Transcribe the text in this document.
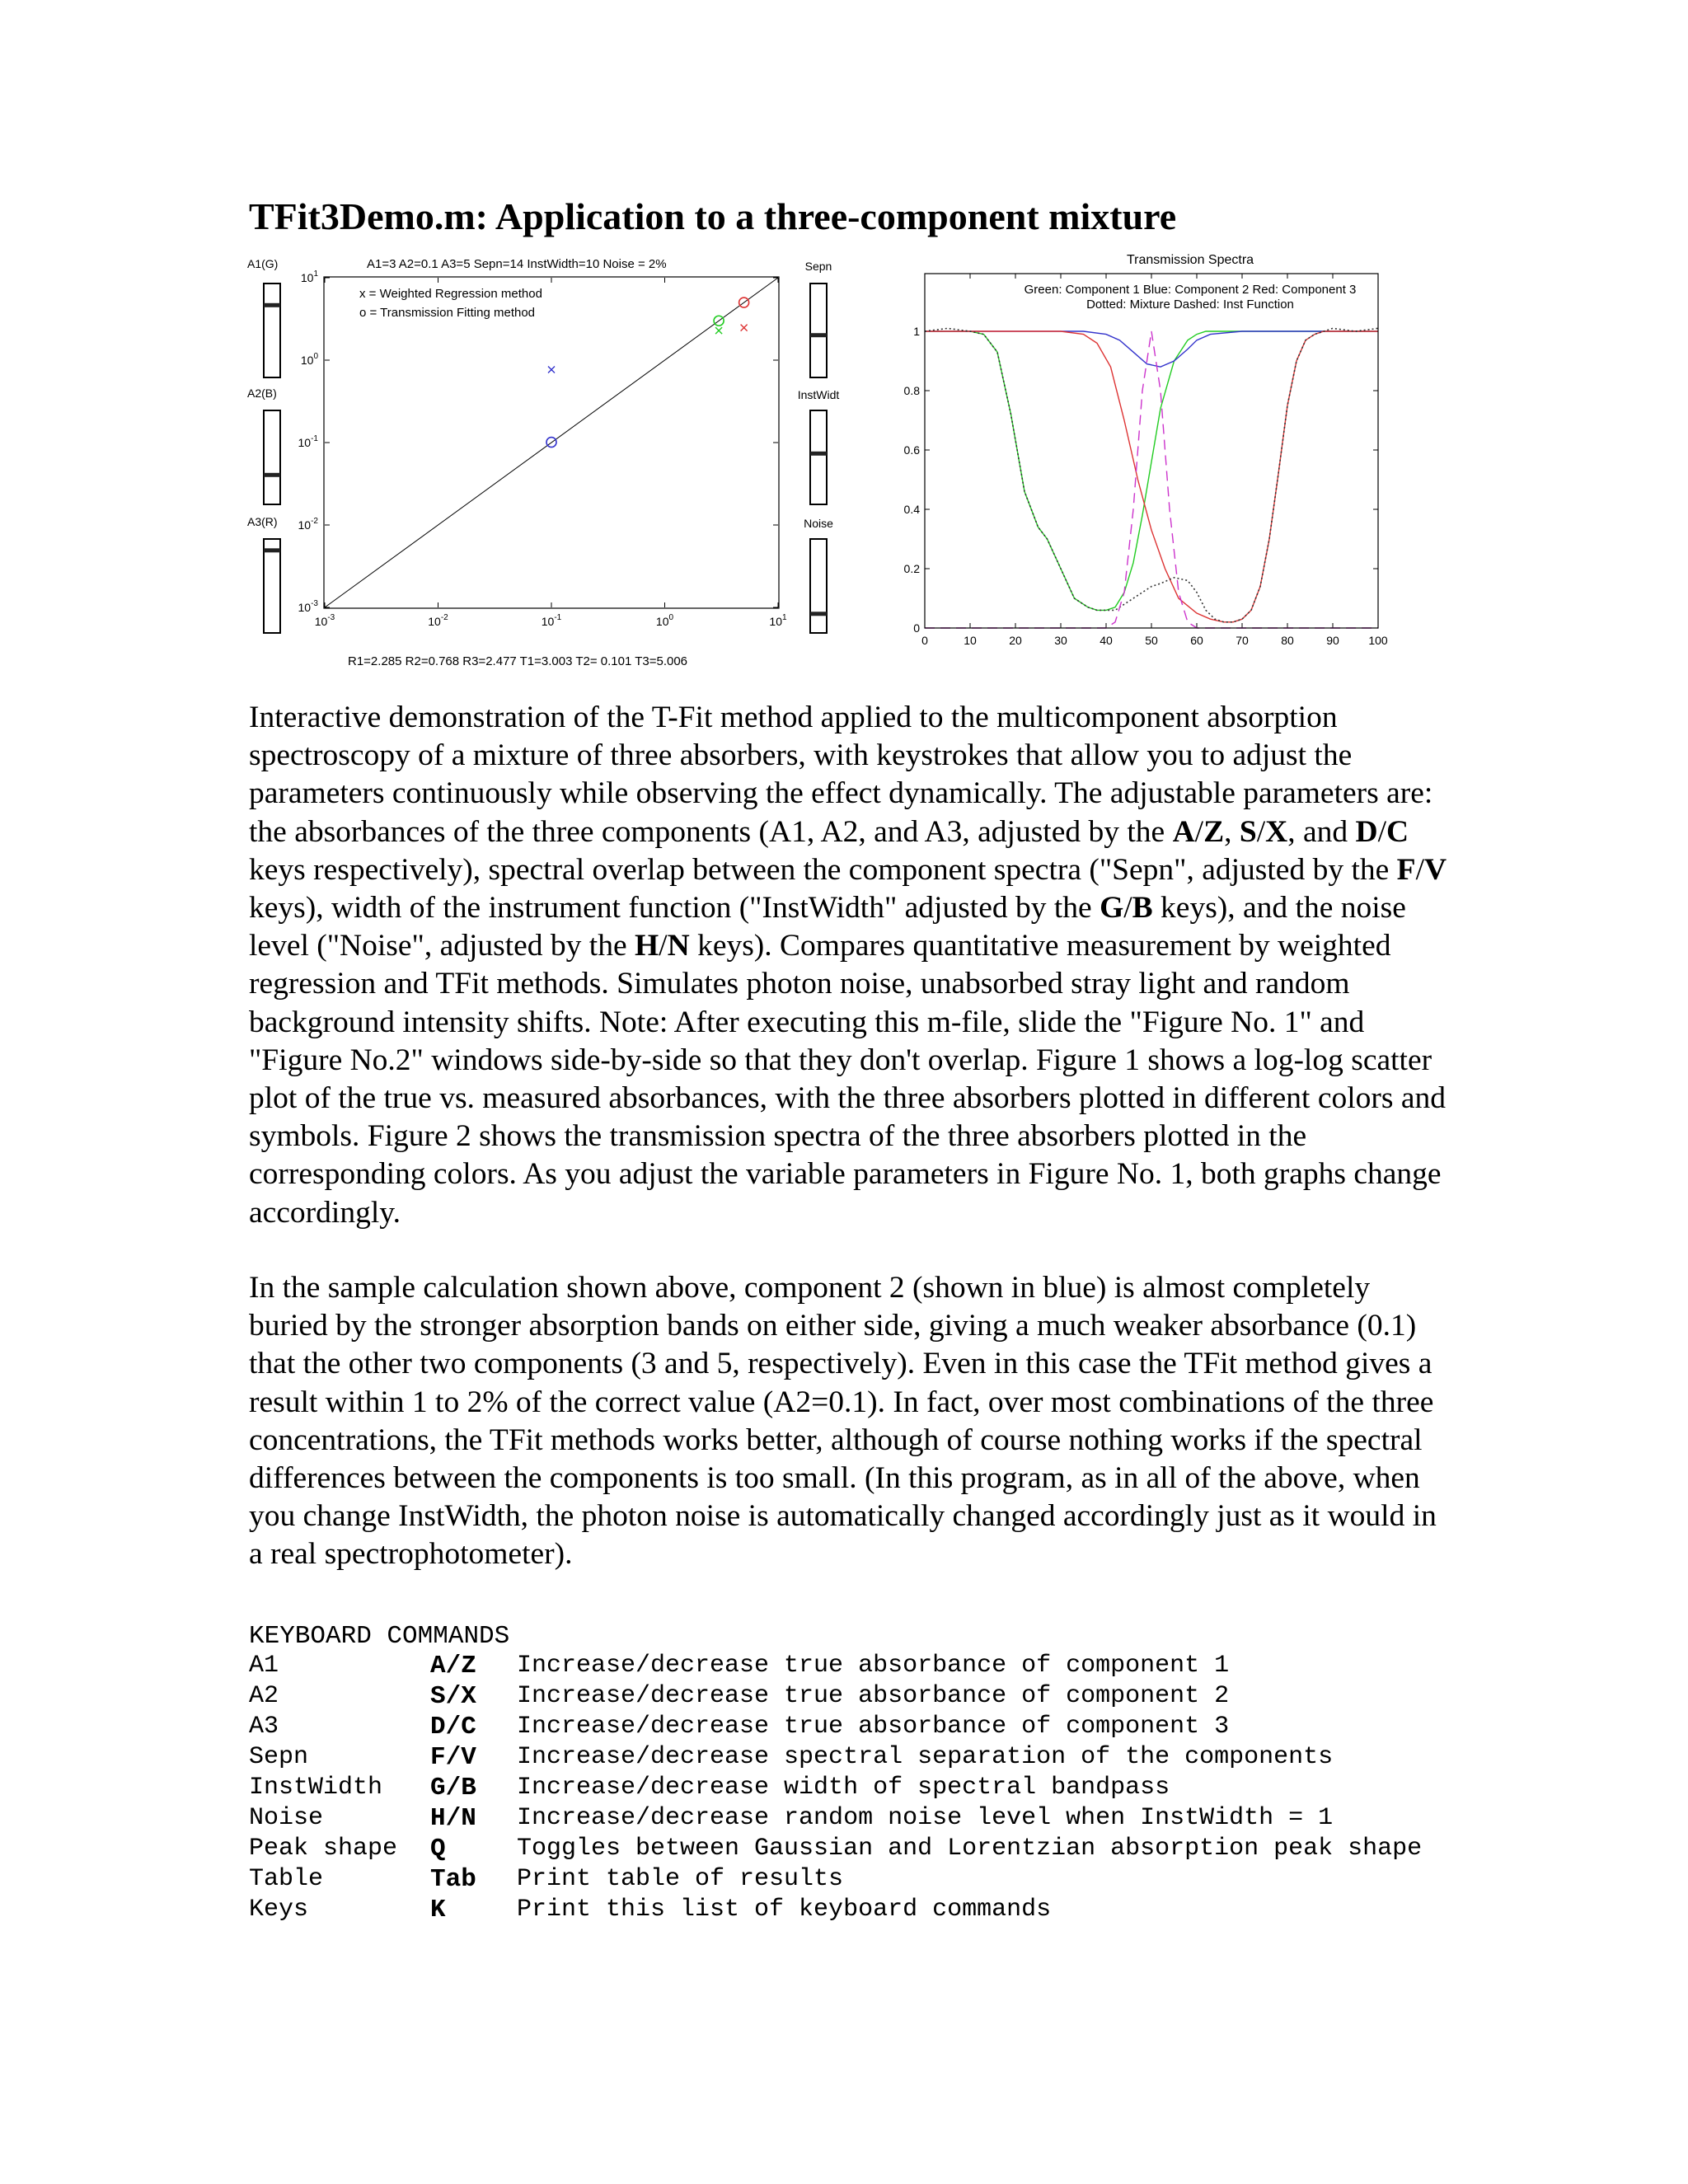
TFit3Demo.m: Application to a three-component mixture
A1(G)
A2(B)
A3(R)
Sepn
InstWidt
Noise
A1=3 A2=0.1 A3=5 Sepn=14 InstWidth=10 Noise = 2%
$10^{-3}$
$10^{-3}$
$10^{-2}$
$10^{-2}$
$10^{-1}$
$10^{-1}$
$10^0$
$10^0$
$10^1$
$10^1$
x = Weighted Regression method
o = Transmission Fitting method
R1=2.285 R2=0.768 R3=2.477 T1=3.003 T2= 0.101 T3=5.006
Transmission Spectra
0	10	20	30	40	50	60	70	80	90	100
0
0.2
0.4
0.6
0.8
1
Green: Component 1 Blue: Component 2 Red: Component 3
Dotted: Mixture Dashed: Inst Function

Interactive demonstration of the T-Fit method applied to the multicomponent absorption spectroscopy of a mixture of three absorbers, with keystrokes that allow you to adjust the parameters continuously while observing the effect dynamically. The adjustable parameters are: the absorbances of the three components (A1, A2, and A3, adjusted by the A/Z, S/X, and D/C keys respectively), spectral overlap between the component spectra ("Sepn", adjusted by the F/V keys), width of the instrument function ("InstWidth" adjusted by the G/B keys), and the noise level ("Noise", adjusted by the H/N keys). Compares quantitative measurement by weighted regression and TFit methods. Simulates photon noise, unabsorbed stray light and random background intensity shifts. Note: After executing this m-file, slide the "Figure No. 1" and "Figure No.2" windows side-by-side so that they don't overlap. Figure 1 shows a log-log scatter plot of the true vs. measured absorbances, with the three absorbers plotted in different colors and symbols. Figure 2 shows the transmission spectra of the three absorbers plotted in the corresponding colors. As you adjust the variable parameters in Figure No. 1, both graphs change accordingly.

In the sample calculation shown above, component 2 (shown in blue) is almost completely buried by the stronger absorption bands on either side, giving a much weaker absorbance (0.1) that the other two components (3 and 5, respectively). Even in this case the TFit method gives a result within 1 to 2% of the correct value (A2=0.1). In fact, over most combinations of the three concentrations, the TFit methods works better, although of course nothing works if the spectral differences between the components is too small. (In this program, as in all of the above, when you change InstWidth, the photon noise is automatically changed accordingly just as it would in a real spectrophotometer).

KEYBOARD COMMANDS
A1	A/Z	Increase/decrease true absorbance of component 1
A2	S/X	Increase/decrease true absorbance of component 2
A3	D/C	Increase/decrease true absorbance of component 3
Sepn	F/V	Increase/decrease spectral separation of the components
InstWidth	G/B	Increase/decrease width of spectral bandpass
Noise	H/N	Increase/decrease random noise level when InstWidth = 1
Peak shape	Q	Toggles between Gaussian and Lorentzian absorption peak shape
Table	Tab	Print table of results
Keys	K	Print this list of keyboard commands
